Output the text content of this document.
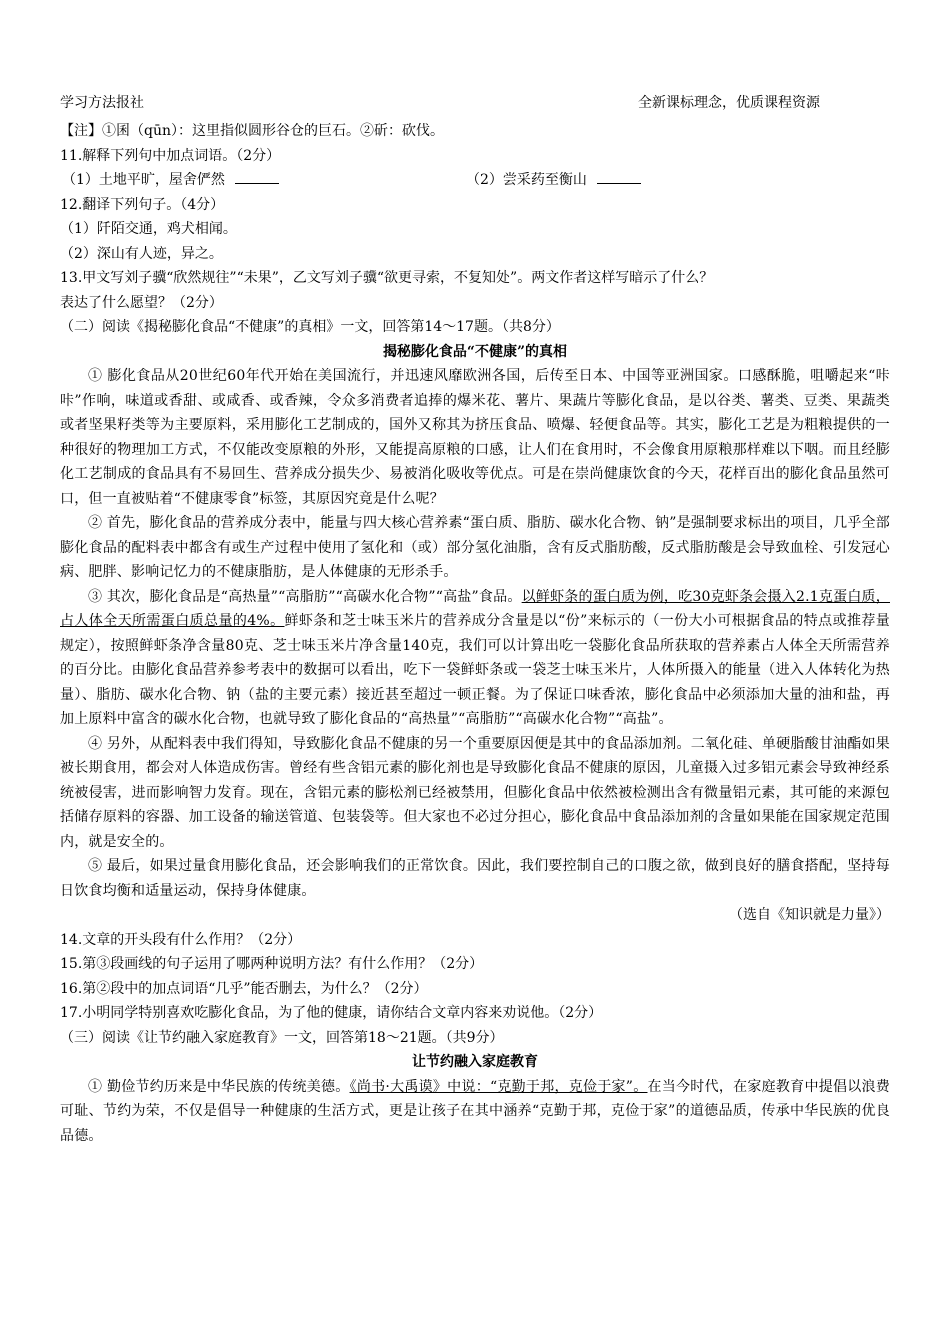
学习方法报社	全新课标理念，优质课程资源
【注】①囷（qūn）：这里指似圆形谷仓的巨石。②斫：砍伐。
11.解释下列句中加点词语。（2分）
（1）土地平旷，屋舍俨然	（2）尝采药至衡山
12.翻译下列句子。（4分）
（1）阡陌交通，鸡犬相闻。
（2）深山有人迹，异之。
13.甲文写刘子骥“欣然规往”“未果”，乙文写刘子骥“欲更寻索，不复知处”。两文作者这样写暗示了什么？
表达了什么愿望？（2分）
（二）阅读《揭秘膨化食品“不健康”的真相》一文，回答第14～17题。（共8分）
揭秘膨化食品“不健康”的真相
① 膨化食品从20世纪60年代开始在美国流行，并迅速风靡欧洲各国，后传至日本、中国等亚洲国家。口感酥脆，咀嚼起来“咔咔”作响，味道或香甜、或咸香、或香辣，令众多消费者追捧的爆米花、薯片、果蔬片等膨化食品，是以谷类、薯类、豆类、果蔬类或者坚果籽类等为主要原料，采用膨化工艺制成的，国外又称其为挤压食品、喷爆、轻便食品等。其实，膨化工艺是为粗粮提供的一种很好的物理加工方式，不仅能改变原粮的外形，又能提高原粮的口感，让人们在食用时，不会像食用原粮那样难以下咽。而且经膨化工艺制成的食品具有不易回生、营养成分损失少、易被消化吸收等优点。可是在崇尚健康饮食的今天，花样百出的膨化食品虽然可口，但一直被贴着“不健康零食”标签，其原因究竟是什么呢？
② 首先，膨化食品的营养成分表中，能量与四大核心营养素“蛋白质、脂肪、碳水化合物、钠”是强制要求标出的项目，几乎全部膨化食品的配料表中都含有或生产过程中使用了氢化和（或）部分氢化油脂，含有反式脂肪酸，反式脂肪酸是会导致血栓、引发冠心病、肥胖、影响记忆力的不健康脂肪，是人体健康的无形杀手。
③ 其次，膨化食品是“高热量”“高脂肪”“高碳水化合物”“高盐”食品。以鲜虾条的蛋白质为例，吃30克虾条会摄入2.1克蛋白质，占人体全天所需蛋白质总量的4%。鲜虾条和芝士味玉米片的营养成分含量是以“份”来标示的（一份大小可根据食品的特点或推荐量规定），按照鲜虾条净含量80克、芝士味玉米片净含量140克，我们可以计算出吃一袋膨化食品所获取的营养素占人体全天所需营养的百分比。由膨化食品营养参考表中的数据可以看出，吃下一袋鲜虾条或一袋芝士味玉米片，人体所摄入的能量（进入人体转化为热量）、脂肪、碳水化合物、钠（盐的主要元素）接近甚至超过一顿正餐。为了保证口味香浓，膨化食品中必须添加大量的油和盐，再加上原料中富含的碳水化合物，也就导致了膨化食品的“高热量”“高脂肪”“高碳水化合物”“高盐”。
④ 另外，从配料表中我们得知，导致膨化食品不健康的另一个重要原因便是其中的食品添加剂。二氧化硅、单硬脂酸甘油酯如果被长期食用，都会对人体造成伤害。曾经有些含铝元素的膨化剂也是导致膨化食品不健康的原因，儿童摄入过多铝元素会导致神经系统被侵害，进而影响智力发育。现在，含铝元素的膨松剂已经被禁用，但膨化食品中依然被检测出含有微量铝元素，其可能的来源包括储存原料的容器、加工设备的输送管道、包装袋等。但大家也不必过分担心，膨化食品中食品添加剂的含量如果能在国家规定范围内，就是安全的。
⑤ 最后，如果过量食用膨化食品，还会影响我们的正常饮食。因此，我们要控制自己的口腹之欲，做到良好的膳食搭配，坚持每日饮食均衡和适量运动，保持身体健康。
（选自《知识就是力量》）
14.文章的开头段有什么作用？（2分）
15.第③段画线的句子运用了哪两种说明方法？有什么作用？（2分）
16.第②段中的加点词语“几乎”能否删去，为什么？（2分）
17.小明同学特别喜欢吃膨化食品，为了他的健康，请你结合文章内容来劝说他。（2分）
（三）阅读《让节约融入家庭教育》一文，回答第18～21题。（共9分）
让节约融入家庭教育
① 勤俭节约历来是中华民族的传统美德。《尚书·大禹谟》中说：“克勤于邦，克俭于家”。在当今时代，在家庭教育中提倡以浪费可耻、节约为荣，不仅是倡导一种健康的生活方式，更是让孩子在其中涵养“克勤于邦，克俭于家”的道德品质，传承中华民族的优良品德。
